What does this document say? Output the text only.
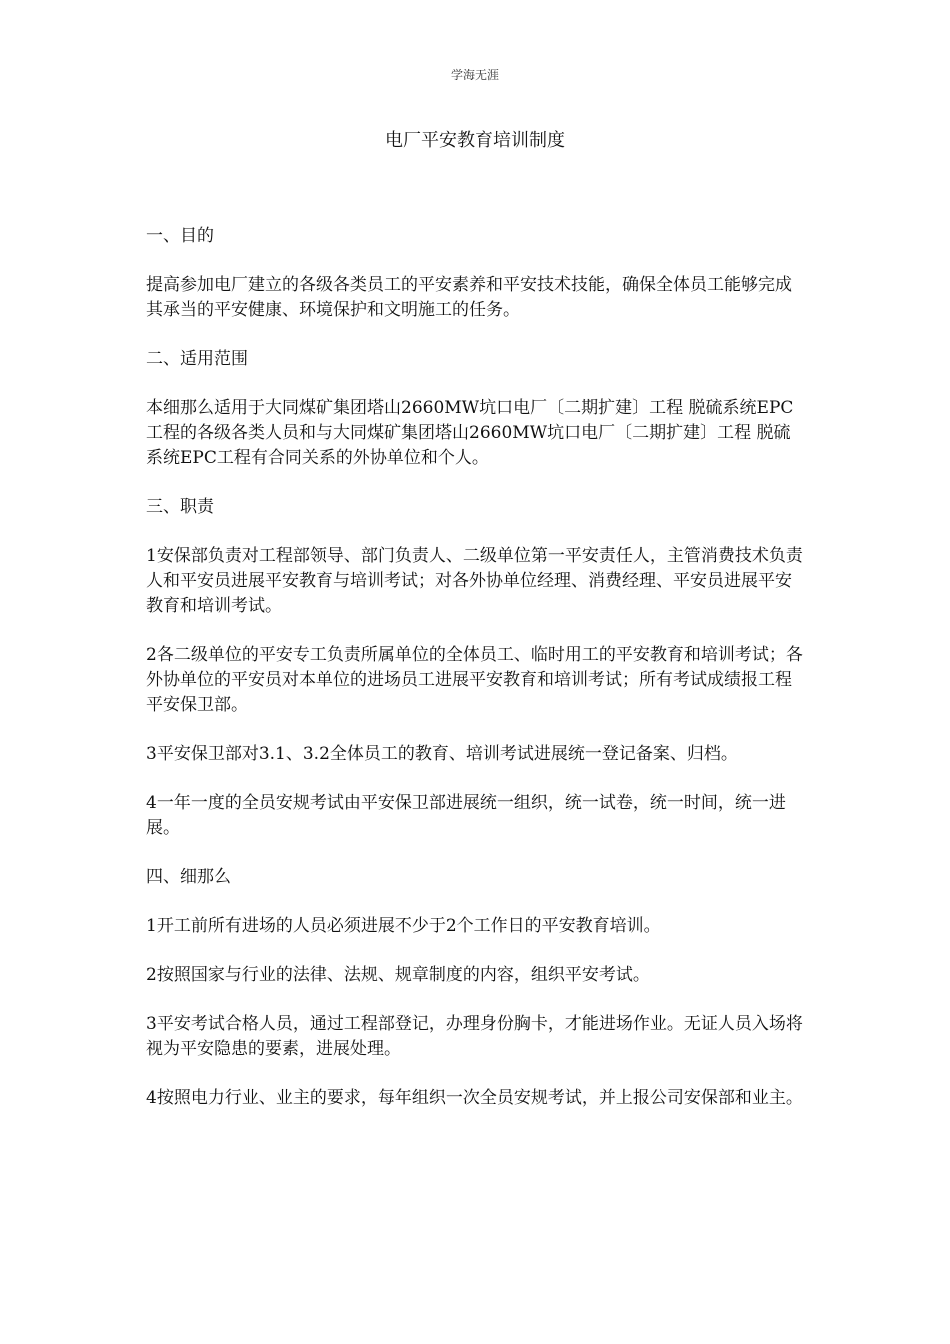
学海无涯
电厂平安教育培训制度

一、目的

提高参加电厂建立的各级各类员工的平安素养和平安技术技能，确保全体员工能够完成其承当的平安健康、环境保护和文明施工的任务。

二、适用范围

本细那么适用于大同煤矿集团塔山2660MW坑口电厂〔二期扩建〕工程 脱硫系统EPC工程的各级各类人员和与大同煤矿集团塔山2660MW坑口电厂〔二期扩建〕工程 脱硫系统EPC工程有合同关系的外协单位和个人。

三、职责

1安保部负责对工程部领导、部门负责人、二级单位第一平安责任人，主管消费技术负责人和平安员进展平安教育与培训考试；对各外协单位经理、消费经理、平安员进展平安教育和培训考试。

2各二级单位的平安专工负责所属单位的全体员工、临时用工的平安教育和培训考试；各外协单位的平安员对本单位的进场员工进展平安教育和培训考试；所有考试成绩报工程平安保卫部。

3平安保卫部对3.1、3.2全体员工的教育、培训考试进展统一登记备案、归档。

4一年一度的全员安规考试由平安保卫部进展统一组织，统一试卷，统一时间，统一进展。

四、细那么

1开工前所有进场的人员必须进展不少于2个工作日的平安教育培训。

2按照国家与行业的法律、法规、规章制度的内容，组织平安考试。

3平安考试合格人员，通过工程部登记，办理身份胸卡，才能进场作业。无证人员入场将视为平安隐患的要素，进展处理。

4按照电力行业、业主的要求，每年组织一次全员安规考试，并上报公司安保部和业主。
